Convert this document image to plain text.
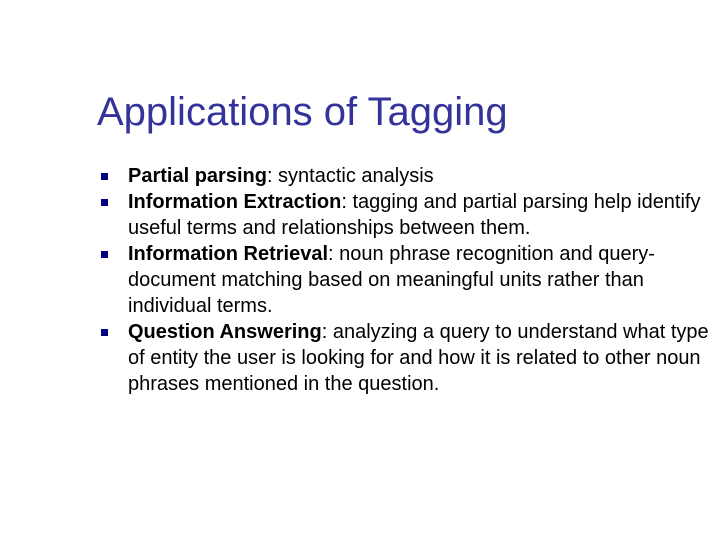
Applications of Tagging
Partial parsing: syntactic analysis
Information Extraction: tagging and partial parsing help identify useful terms and relationships between them.
Information Retrieval: noun phrase recognition and query-document matching based on meaningful units rather than individual terms.
Question Answering: analyzing a query to understand what type of entity the user is looking for and how it is related to other noun phrases mentioned in the question.
